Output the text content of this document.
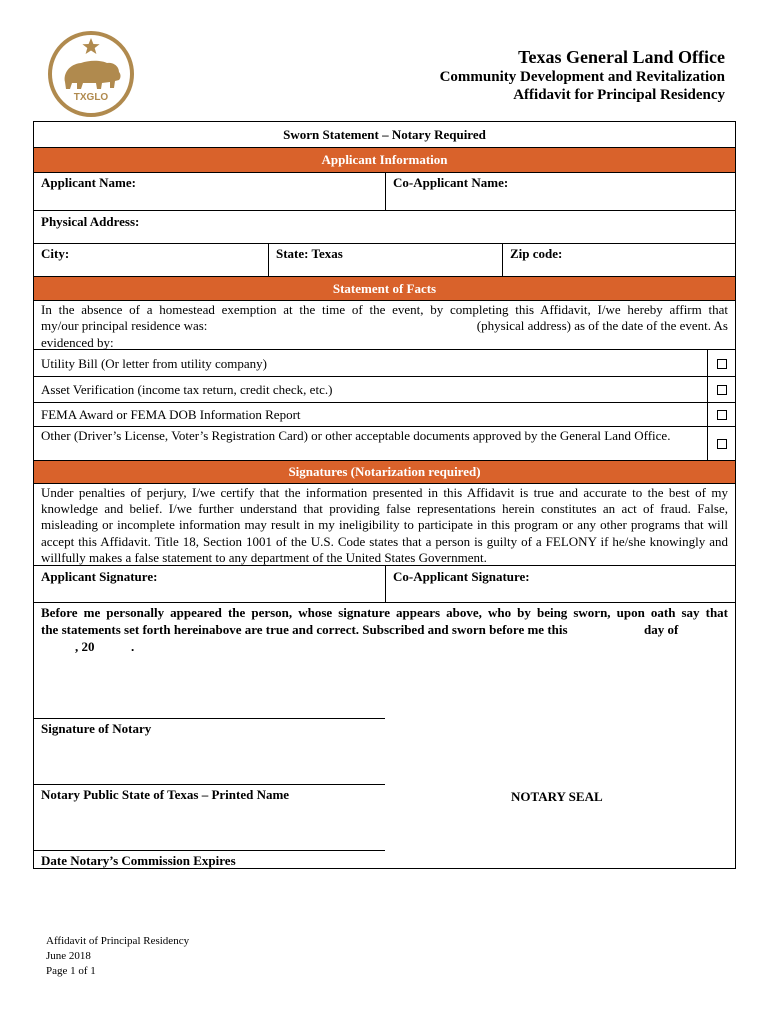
TXGLO
Texas General Land Office
Community Development and Revitalization
Affidavit for Principal Residency
Sworn Statement – Notary Required
Applicant Information
Applicant Name:	Co-Applicant Name:
Physical Address:
City:	State: Texas	Zip code:
Statement of Facts
In the absence of a homestead exemption at the time of the event, by completing this Affidavit, I/we hereby affirm that
my/our principal residence was:	(physical address) as of the date of the event. As
evidenced by:
Utility Bill (Or letter from utility company)
Asset Verification (income tax return, credit check, etc.)
FEMA Award or FEMA DOB Information Report
Other (Driver’s License, Voter’s Registration Card) or other acceptable documents approved by the General Land Office.
Signatures (Notarization required)
Under penalties of perjury, I/we certify that the information presented in this Affidavit is true and accurate to the best of my knowledge and belief. I/we further understand that providing false representations herein constitutes an act of fraud. False, misleading or incomplete information may result in my ineligibility to participate in this program or any other programs that will accept this Affidavit. Title 18, Section 1001 of the U.S. Code states that a person is guilty of a FELONY if he/she knowingly and willfully makes a false statement to any department of the United States Government.
Applicant Signature:	Co-Applicant Signature:
Before me personally appeared the person, whose signature appears above, who by being sworn, upon oath say that
the statements set forth hereinabove are true and correct. Subscribed and sworn before me this	day of
, 20	.
Signature of Notary
Notary Public State of Texas – Printed Name	NOTARY SEAL
Date Notary’s Commission Expires
Affidavit of Principal Residency
June 2018
Page 1 of 1
